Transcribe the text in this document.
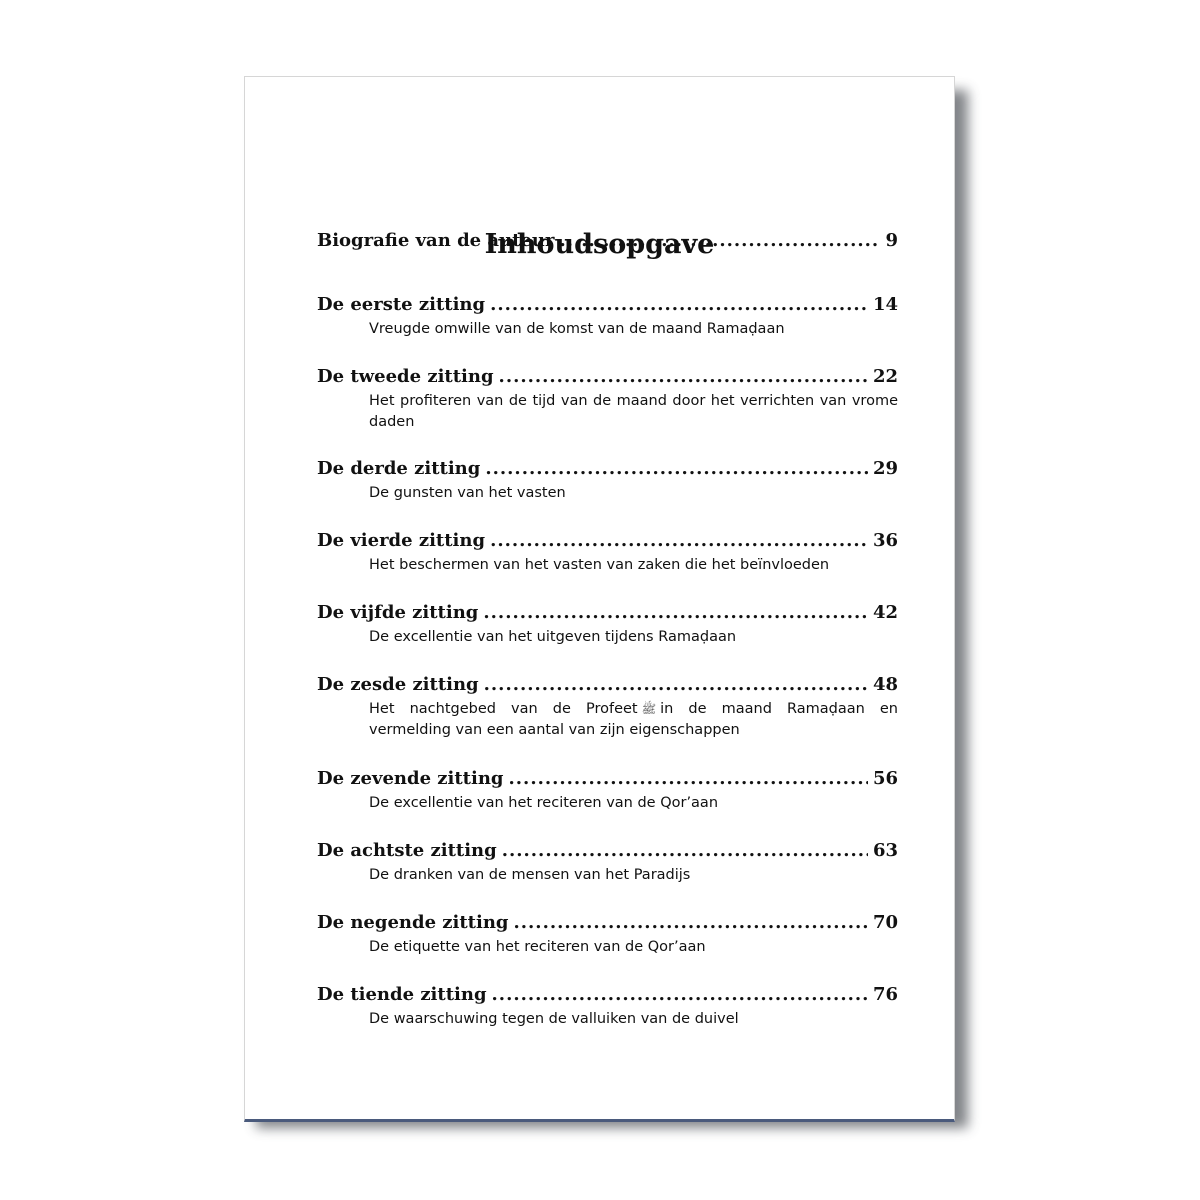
Inhoudsopgave
Biografie van de auteur .....	9
De eerste zitting .....	14
Vreugde omwille van de komst van de maand Ramaḍaan
De tweede zitting .....	22
Het profiteren van de tijd van de maand door het verrichten van vrome daden
De derde zitting .....	29
De gunsten van het vasten
De vierde zitting .....	36
Het beschermen van het vasten van zaken die het beïnvloeden
De vijfde zitting .....	42
De excellentie van het uitgeven tijdens Ramaḍaan
De zesde zitting .....	48
Het nachtgebed van de Profeet ﷺ in de maand Ramaḍaan en vermelding van een aantal van zijn eigenschappen
De zevende zitting .....	56
De excellentie van het reciteren van de Qor’aan
De achtste zitting .....	63
De dranken van de mensen van het Paradijs
De negende zitting .....	70
De etiquette van het reciteren van de Qor’aan
De tiende zitting .....	76
De waarschuwing tegen de valluiken van de duivel
